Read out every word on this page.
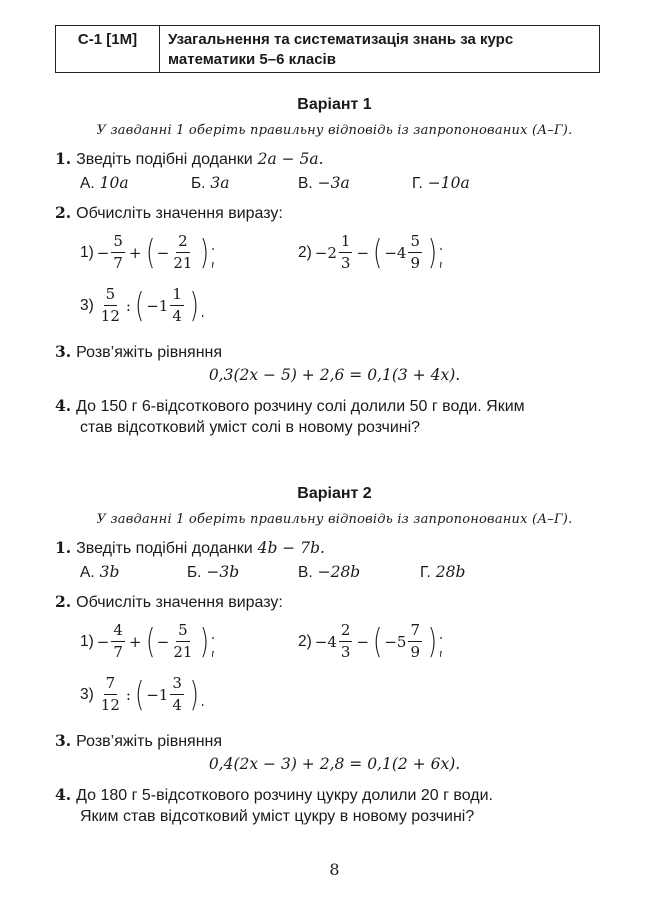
С-1 [1М]	Узагальнення та систематизація знань за курс
математики 5–6 класів
Варіант 1
У завданні 1 оберіть правильну відповідь із запропонованих (А–Г).
1. Зведіть подібні доданки 2a − 5a.
А. 10a	Б. 3a	В. −3a	Г. −10a
2. Обчисліть значення виразу:
$1) - \frac{5}{7}$ + ( − $\frac{2}{21}$ );	$2) - 2 \frac{1}{3}$ − ( − $4 \frac{5}{9}$ );
$3) \frac{5}{12}$ : ( − $1 \frac{1}{4}$ ).
3. Розв’яжіть рівняння
0,3(2x − 5) + 2,6 = 0,1(3 + 4x).
4. До 150 г 6-відсоткового розчину солі долили 50 г води. Яким
став відсотковий уміст солі в новому розчині?
Варіант 2
У завданні 1 оберіть правильну відповідь із запропонованих (А–Г).
1. Зведіть подібні доданки 4b − 7b.
А. 3b	Б. −3b	В. −28b	Г. 28b
2. Обчисліть значення виразу:
$1) - \frac{4}{7}$ + ( − $\frac{5}{21}$ );	$2) - 4 \frac{2}{3}$ − ( − $5 \frac{7}{9}$ );
$3) \frac{7}{12}$ : ( − $1 \frac{3}{4}$ ).
3. Розв’яжіть рівняння
0,4(2x − 3) + 2,8 = 0,1(2 + 6x).
4. До 180 г 5-відсоткового розчину цукру долили 20 г води.
Яким став відсотковий уміст цукру в новому розчині?
8
